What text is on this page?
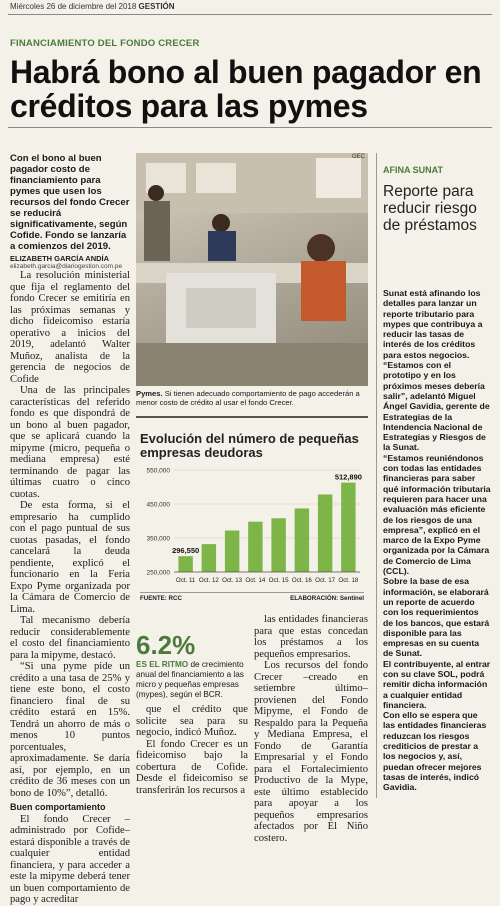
Miércoles 26 de diciembre del 2018 GESTIÓN
FINANCIAMIENTO DEL FONDO CRECER
Habrá bono al buen pagador en créditos para las pymes
Con el bono al buen pagador costo de financiamiento para pymes que usen los recursos del fondo Crecer se reducirá significativamente, según Cofide. Fondo se lanzaría a comienzos del 2019.
ELIZABETH GARCÍA ANDÍA
elizabeth.garcia@diariogestion.com.pe

La resolución ministerial que fija el reglamento del fondo Crecer se emitiría en las próximas semanas y dicho fideicomiso estaría operativo a inicios del 2019, adelantó Walter Muñoz, analista de la gerencia de negocios de Cofide

Una de las principales características del referido fondo es que dispondrá de un bono al buen pagador, que se aplicará cuando la mipyme (micro, pequeña o mediana empresa) esté terminando de pagar las últimas cuatro o cinco cuotas.

De esta forma, si el empresario ha cumplido con el pago puntual de sus cuotas pasadas, el fondo cancelará la deuda pendiente, explicó el funcionario en la Feria Expo Pyme organizada por la Cámara de Comercio de Lima.

Tal mecanismo debería reducir considerablemente el costo del financiamiento para la mipyme, destacó.

“Si una pyme pide un crédito a una tasa de 25% y tiene este bono, el costo financiero final de su crédito estará en 15%. Tendrá un ahorro de más o menos 10 puntos porcentuales, aproximadamente. Se daría así, por ejemplo, en un crédito de 36 meses con un bono de 10%”, detalló.

Buen comportamiento

El fondo Crecer –administrado por Cofide– estará disponible a través de cualquier entidad financiera, y para acceder a este la mipyme deberá tener un buen comportamiento de pago y acreditar

GEC
Pymes. Si tienen adecuado comportamiento de pago accederán a menor costo de crédito al usar el fondo Crecer.
Evolución del número de pequeñas empresas deudoras
250,000
350,000
450,000
550,000
Oct. 11
296,550
Oct. 12 Oct. 13 Oct. 14 Oct. 15 Oct. 16 Oct. 17 Oct. 18
512,890
FUENTE: RCC	ELABORACIÓN: Sentinel
6.2%
ES EL RITMO de crecimiento anual del financiamiento a las micro y pequeñas empresas (mypes), según el BCR.

que el crédito que solicite sea para su negocio, indicó Muñoz.

El fondo Crecer es un fideicomiso bajo la cobertura de Cofide. Desde el fideicomiso se transferirán los recursos a

las entidades financieras para que estas concedan los préstamos a los pequeños empresarios.

Los recursos del fondo Crecer –creado en setiembre último– provienen del Fondo Mipyme, el Fondo de Respaldo para la Pequeña y Mediana Empresa, el Fondo de Garantía Empresarial y el Fondo para el Fortalecimiento Productivo de la Mype, este último establecido para apoyar a los pequeños empresarios afectados por El Niño costero.

AFINA SUNAT
Reporte para reducir riesgo de préstamos

Sunat está afinando los detalles para lanzar un reporte tributario para mypes que contribuya a reducir las tasas de interés de los créditos para estos negocios.

“Estamos con el prototipo y en los próximos meses debería salir”, adelantó Miguel Ángel Gavidia, gerente de Estrategias de la Intendencia Nacional de Estrategias y Riesgos de la Sunat.

“Estamos reuniéndonos con todas las entidades financieras para saber qué información tributaria requieren para hacer una evaluación más eficiente de los riesgos de una empresa”, explicó en el marco de la Expo Pyme organizada por la Cámara de Comercio de Lima (CCL).

Sobre la base de esa información, se elaborará un reporte de acuerdo con los requerimientos de los bancos, que estará disponible para las empresas en su cuenta de Sunat.

El contribuyente, al entrar con su clave SOL, podrá remitir dicha información a cualquier entidad financiera.

Con ello se espera que las entidades financieras reduzcan los riesgos crediticios de prestar a los negocios y, así, puedan ofrecer mejores tasas de interés, indicó Gavidia.
